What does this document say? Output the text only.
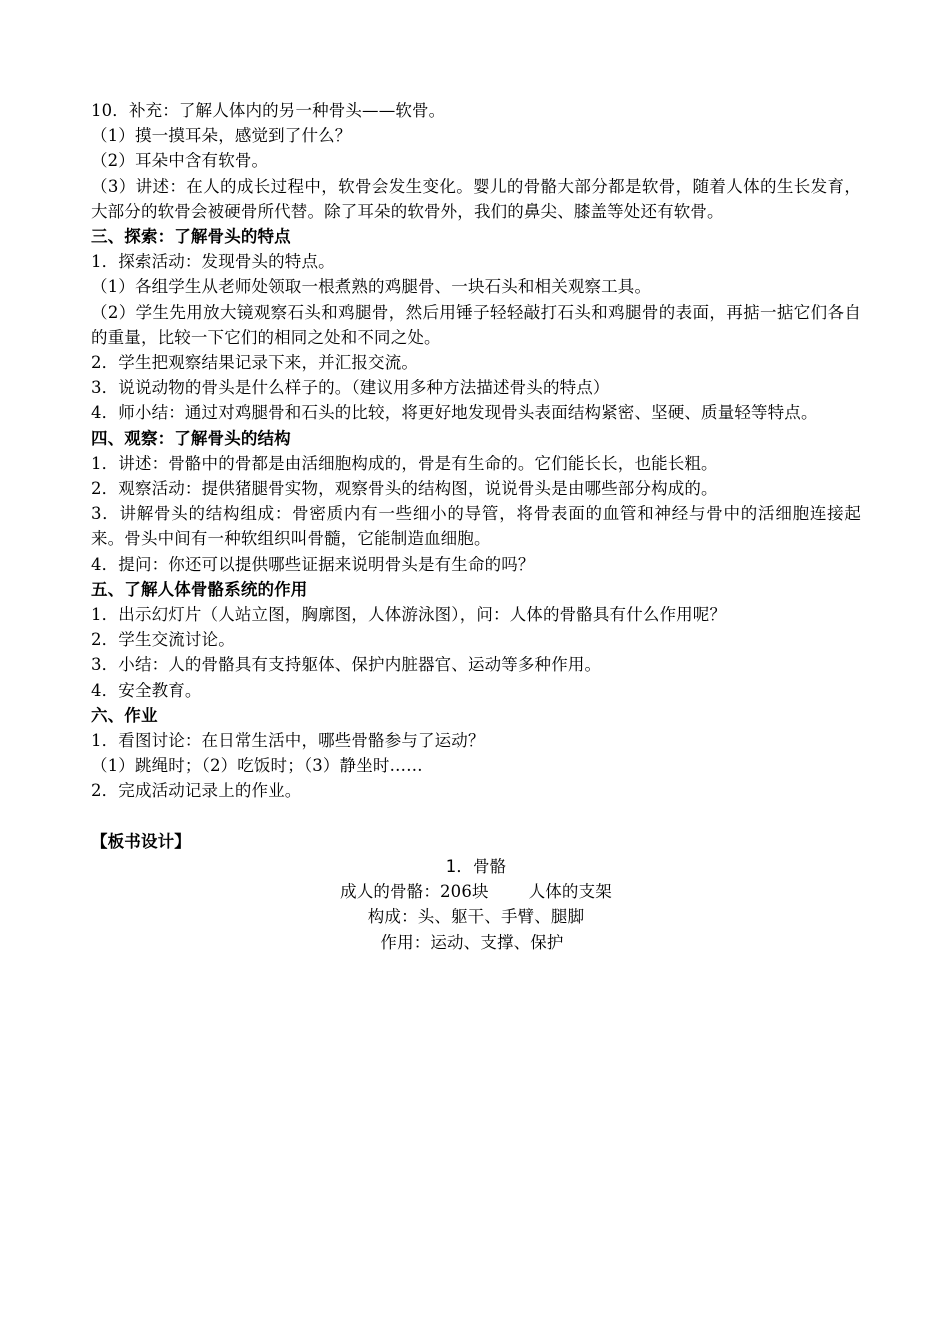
10．补充：了解人体内的另一种骨头——软骨。

（1）摸一摸耳朵，感觉到了什么？

（2）耳朵中含有软骨。

（3）讲述：在人的成长过程中，软骨会发生变化。婴儿的骨骼大部分都是软骨，随着人体的生长发育，大部分的软骨会被硬骨所代替。除了耳朵的软骨外，我们的鼻尖、膝盖等处还有软骨。

三、探索：了解骨头的特点

1．探索活动：发现骨头的特点。

（1）各组学生从老师处领取一根煮熟的鸡腿骨、一块石头和相关观察工具。

（2）学生先用放大镜观察石头和鸡腿骨，然后用锤子轻轻敲打石头和鸡腿骨的表面，再掂一掂它们各自的重量，比较一下它们的相同之处和不同之处。

2．学生把观察结果记录下来，并汇报交流。

3．说说动物的骨头是什么样子的。（建议用多种方法描述骨头的特点）

4．师小结：通过对鸡腿骨和石头的比较，将更好地发现骨头表面结构紧密、坚硬、质量轻等特点。

四、观察：了解骨头的结构

1．讲述：骨骼中的骨都是由活细胞构成的，骨是有生命的。它们能长长，也能长粗。

2．观察活动：提供猪腿骨实物，观察骨头的结构图，说说骨头是由哪些部分构成的。

3．讲解骨头的结构组成：骨密质内有一些细小的导管，将骨表面的血管和神经与骨中的活细胞连接起来。骨头中间有一种软组织叫骨髓，它能制造血细胞。

4．提问：你还可以提供哪些证据来说明骨头是有生命的吗？

五、了解人体骨骼系统的作用

1．出示幻灯片（人站立图，胸廓图，人体游泳图），问：人体的骨骼具有什么作用呢？

2．学生交流讨论。

3．小结：人的骨骼具有支持躯体、保护内脏器官、运动等多种作用。

4．安全教育。

六、作业

1．看图讨论：在日常生活中，哪些骨骼参与了运动？

（1）跳绳时；（2）吃饭时；（3）静坐时……

2．完成活动记录上的作业。

【板书设计】

1．骨骼

成人的骨骼：206块 人体的支架

构成：头、躯干、手臂、腿脚

作用：运动、支撑、保护
